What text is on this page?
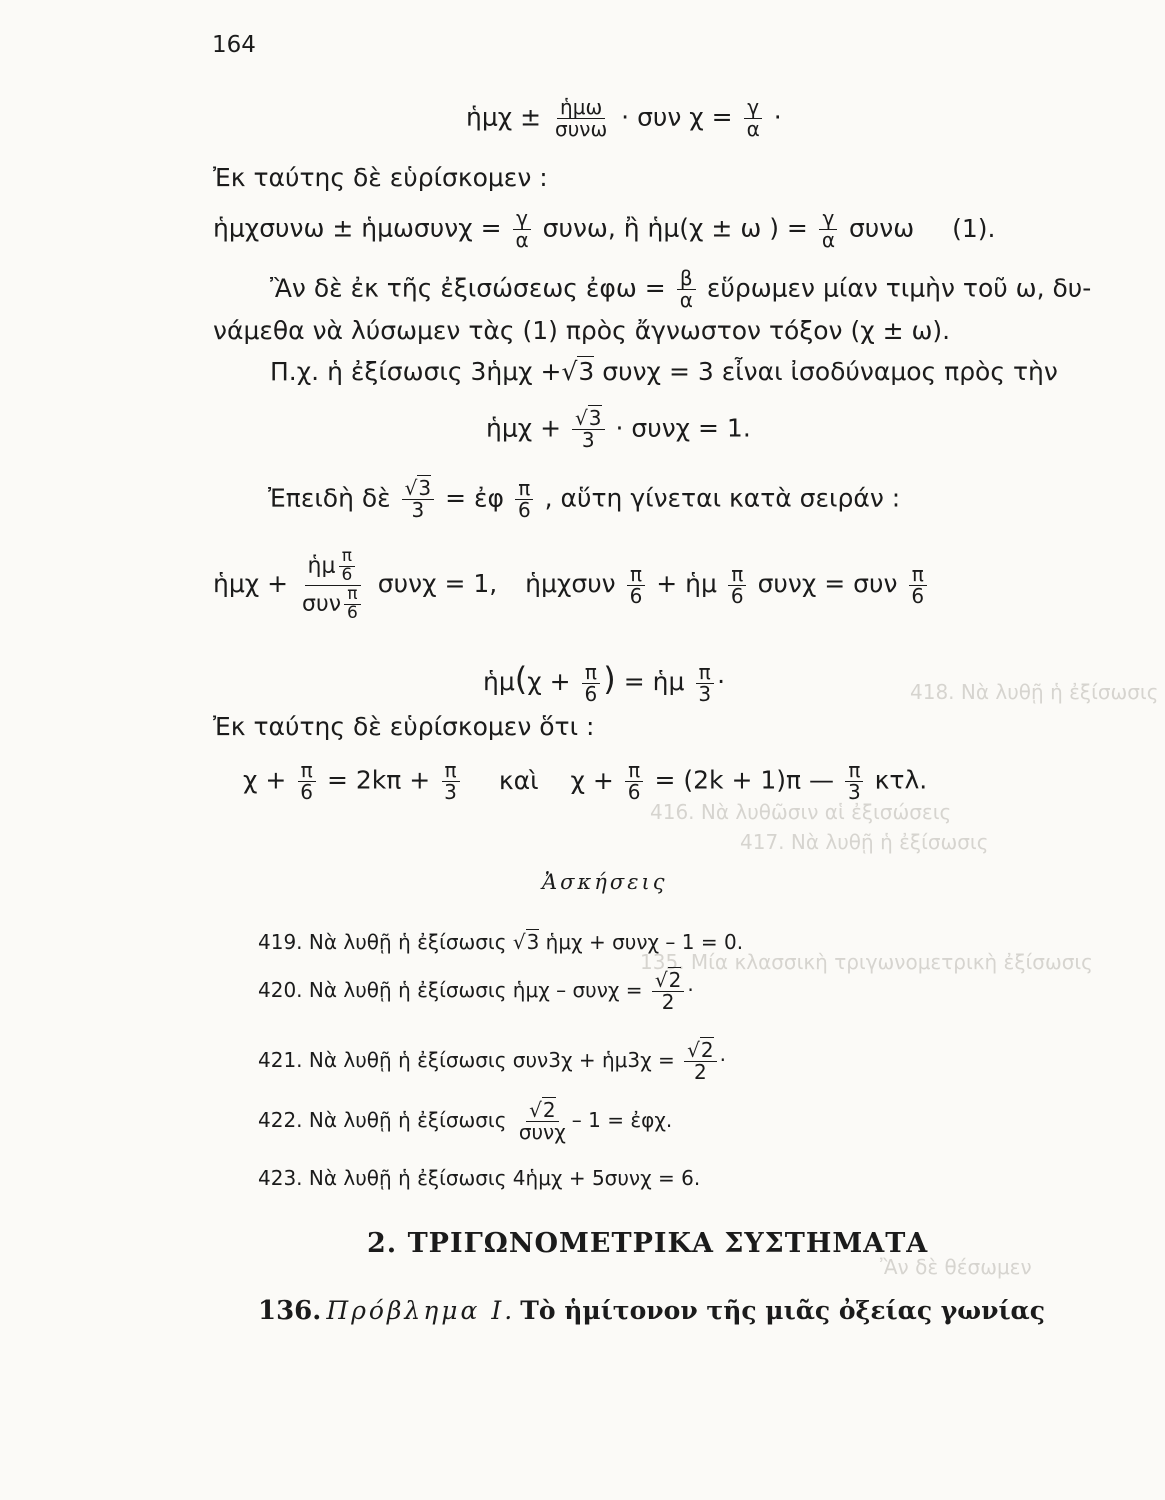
418. Νὰ λυθῇ ἡ ἐξίσωσις
417. Νὰ λυθῇ ἡ ἐξίσωσις
416. Νὰ λυθῶσιν αἱ ἐξισώσεις
135. Μία κλασσικὴ τριγωνομετρικὴ ἐξίσωσις
Ἂν δὲ θέσωμεν
164
ἡμχ ± $\frac{\text{ἡμω}}{\text{συνω}} \cdot \sigma\upsilon\nu$ $\chi = \frac{\gamma}{\alpha}$ ·
Ἐκ ταύτης δὲ εὑρίσκομεν :
ἡμχσυνω ± ἡμωσυνχ = $\frac{\gamma}{\alpha} \sigma\upsilon\nu\omega$, ἢ ἡμ(χ ± ω ) = $\frac{\gamma}{\alpha}$ συνω (1).
Ἂν δὲ ἐκ τῆς ἐξισώσεως ἐφω = $\frac{\beta}{\alpha}$ εὕρωμεν μίαν τιμὴν τοῦ ω, δυ-
νάμεθα νὰ λύσωμεν τὰς (1) πρὸς ἄγνωστον τόξον (χ ± ω).
Π.χ. ἡ ἐξίσωσις 3ἡμχ +√3 συνχ = 3 εἶναι ἰσοδύναμος πρὸς τὴν
ἡμχ + $\frac{√3}{3} \cdot \sigma\upsilon\nu\chi = 1$.
Ἐπειδὴ δὲ $\frac{√3}{3}$ = ἐφ $\frac{\pi}{6}$ , αὕτη γίνεται κατὰ σειράν :
ἡμχ + $\frac{ἡ\mu \frac{\pi}{6}}{\sigma\upsilon\nu \frac{\pi}{6}}$ συνχ = 1, ἡμχσυν $\frac{\pi}{6}$ + ἡμ $\frac{\pi}{6}$ συνχ = συν $\frac{\pi}{6}$
ἡμ(χ + $\frac{\pi}{6}$ ) = ἡμ $\frac{\pi}{3}$ ·
Ἐκ ταύτης δὲ εὑρίσκομεν ὅτι :
$\chi + \frac{\pi}{6} = 2k\pi + \frac{\pi}{3}$ καὶ $\chi + \frac{\pi}{6} = (2k + 1)\pi$ — $\frac{\pi}{3} \kappa\tau\lambda$.
Ἀσκήσεις
419. Νὰ λυθῇ ἡ ἐξίσωσις √3 ἡμχ + συνχ – 1 = 0.
420. Νὰ λυθῇ ἡ ἐξίσωσις ἡμχ – $\sigma\upsilon\nu\chi = \frac{√2}{2}$ ·
421. Νὰ λυθῇ ἡ ἐξίσωσις συν3χ + ἡμ3χ = $\frac{√2}{2}$ ·
422. Νὰ λυθῇ ἡ ἐξίσωσις $\frac{√2}{\text{συνχ}} - 1$ = ἐφχ.
423. Νὰ λυθῇ ἡ ἐξίσωσις 4ἡμχ + 5συνχ = 6.
2. ΤΡΙΓΩΝΟΜΕΤΡΙΚΑ ΣΥΣΤΗΜΑΤΑ
136. Πρόβλημα Ι. Τὸ ἡμίτονον τῆς μιᾶς ὀξείας γωνίας
